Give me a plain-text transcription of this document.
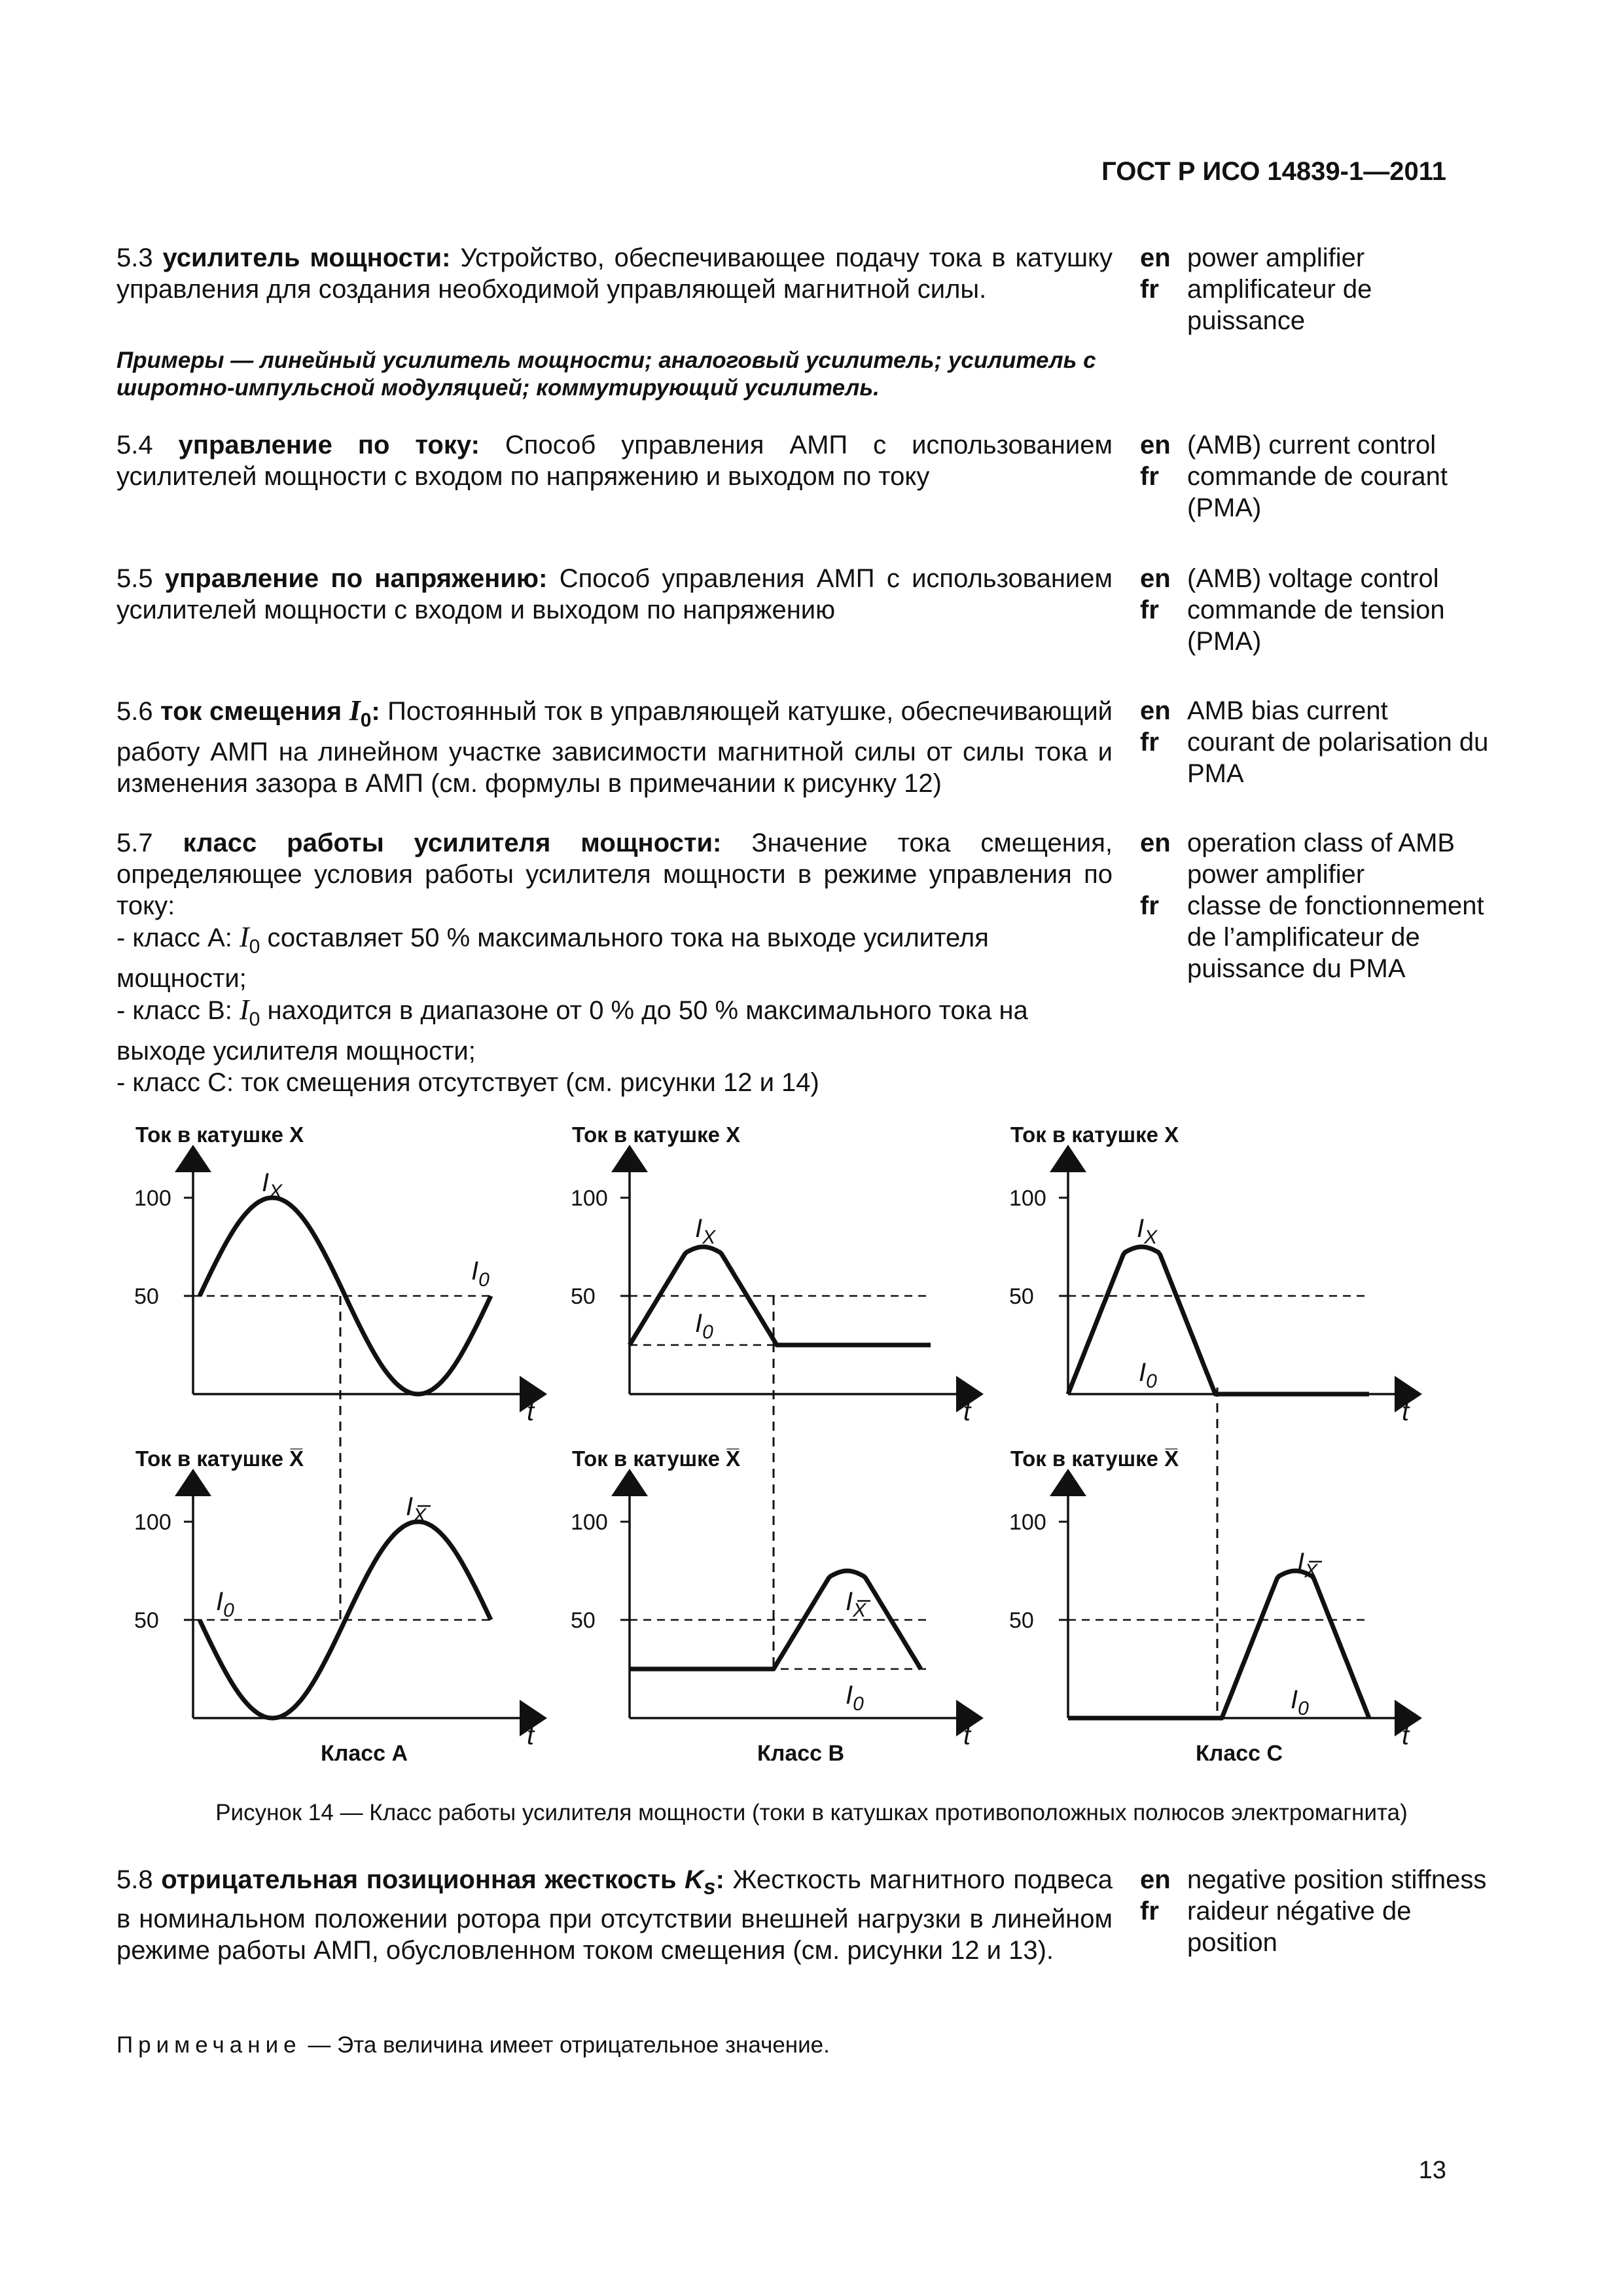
ГОСТ Р ИСО 14839-1—2011
5.3 усилитель мощности: Устройство, обеспечивающее подачу тока в катушку управления для создания необходимой управляющей магнитной силы.
en power amplifier
fr	amplificateur de puissance
Примеры — линейный усилитель мощности; аналоговый усилитель; усилитель с широтно-импульсной модуляцией; коммутирующий усилитель.
5.4 управление по току: Способ управления АМП с использованием усилителей мощности с входом по напряжению и выходом по току
en (AMB) current control
fr	commande de courant (PMA)
5.5 управление по напряжению: Способ управления АМП с использованием усилителей мощности с входом и выходом по напряжению
en (AMB) voltage control
fr	commande de tension (PMA)
5.6 ток смещения $I_0$: Постоянный ток в управляющей катушке, обеспечивающий работу АМП на линейном участке зависимости магнитной силы от силы тока и изменения зазора в АМП (см. формулы в примечании к рисунку 12)
en AMB bias current
fr	courant de polarisation du PMA
5.7 класс работы усилителя мощности: Значение тока смещения, определяющее условия работы усилителя мощности в режиме управления по току:
en operation class of AMB power amplifier
fr	classe de fonctionnement de l’amplificateur de puissance du PMA
- класс A: $I_0$ составляет 50 % максимального тока на выходе усилителя мощности;
- класс B: $I_0$ находится в диапазоне от 0 % до 50 % максимального тока на выходе усилителя мощности;
- класс C: ток смещения отсутствует (см. рисунки 12 и 14)
Ток в катушке X
100
50
t
$I_X$
$I_0$
Ток в катушке X̅
100
50
t
$I_X$
$I_0$
Класс A
Ток в катушке X
100
50
t
$I_X$
$I_0$
Ток в катушке X̅
100
50
t
$I_X$
$I_0$
Класс B
Ток в катушке X
100
50
t
$I_X$
$I_0$
Ток в катушке X̅
100
50
t
$I_X$
$I_0$
Класс C
Рисунок 14 — Класс работы усилителя мощности (токи в катушках противоположных полюсов электромагнита)
5.8 отрицательная позиционная жесткость $K_s$: Жесткость магнитного подвеса в номинальном положении ротора при отсутствии внешней нагрузки в линейном режиме работы АМП, обусловленном током смещения (см. рисунки 12 и 13).
en negative position stiffness
fr	raideur négative de position
Примечание — Эта величина имеет отрицательное значение.
13
